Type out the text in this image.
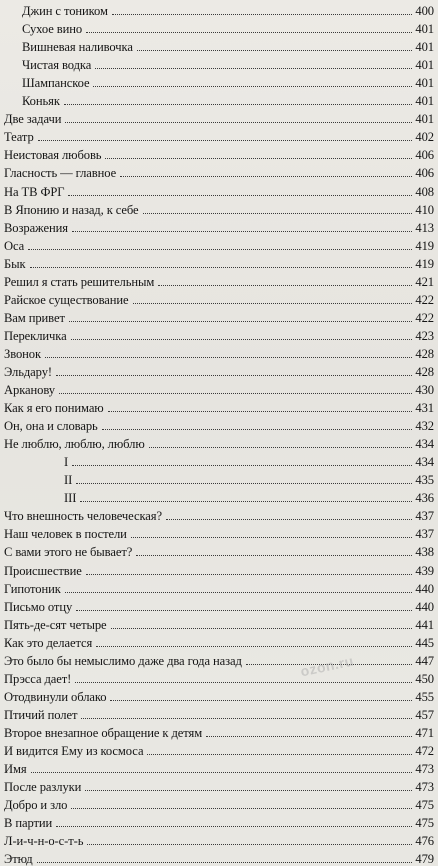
Джин с тоником	400
Сухое вино	401
Вишневая наливочка	401
Чистая водка	401
Шампанское	401
Коньяк	401
Две задачи	401
Театр	402
Неистовая любовь	406
Гласность — главное	406
На ТВ ФРГ	408
В Японию и назад, к себе	410
Возражения	413
Оса	419
Бык	419
Решил я стать решительным	421
Райское существование	422
Вам привет	422
Перекличка	423
Звонок	428
Эльдару!	428
Арканову	430
Как я его понимаю	431
Он, она и словарь	432
Не люблю, люблю, люблю	434
I	434
II	435
III	436
Что внешность человеческая?	437
Наш человек в постели	437
С вами этого не бывает?	438
Происшествие	439
Гипотоник	440
Письмо отцу	440
Пять-де-сят четыре	441
Как это делается	445
Это было бы немыслимо даже два года назад	447
Прэсса дает!	450
Отодвинули облако	455
Птичий полет	457
Второе внезапное обращение к детям	471
И видится Ему из космоса	472
Имя	473
После разлуки	473
Добро и зло	475
В партии	475
Л-и-ч-н-о-с-т-ь	476
Этюд	479
ozon.ru
